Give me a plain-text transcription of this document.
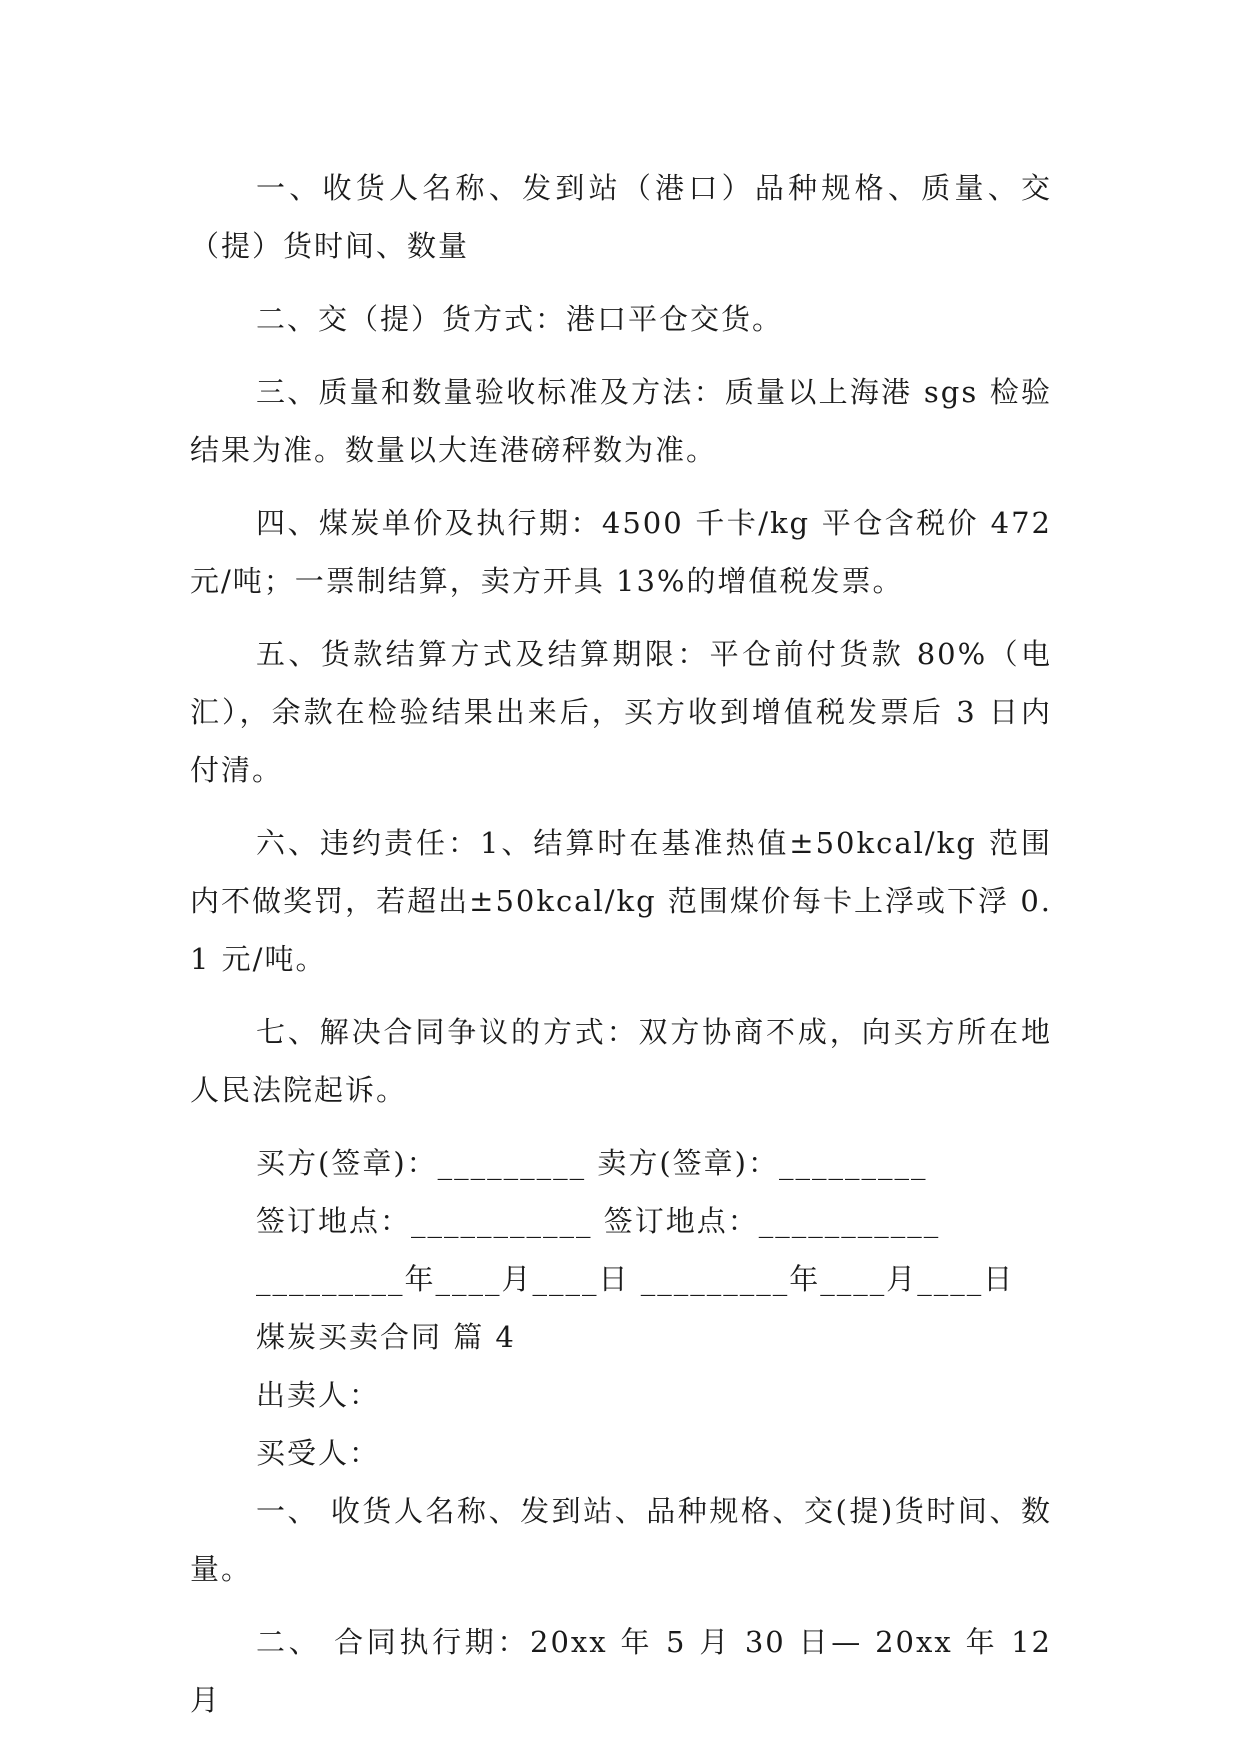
一、收货人名称、发到站（港口）品种规格、质量、交（提）货时间、数量

二、交（提）货方式：港口平仓交货。

三、质量和数量验收标准及方法：质量以上海港 sgs 检验结果为准。数量以大连港磅秤数为准。

四、煤炭单价及执行期：4500 千卡/kg 平仓含税价 472 元/吨；一票制结算，卖方开具 13%的增值税发票。

五、货款结算方式及结算期限：平仓前付货款 80%（电汇），余款在检验结果出来后，买方收到增值税发票后 3 日内付清。

六、违约责任：1、结算时在基准热值±50kcal/kg 范围内不做奖罚，若超出±50kcal/kg 范围煤价每卡上浮或下浮 0.1 元/吨。

七、解决合同争议的方式：双方协商不成，向买方所在地人民法院起诉。

买方(签章)：_________ 卖方(签章)：_________
签订地点：___________ 签订地点：___________
_________年____月____日 _________年____月____日
煤炭买卖合同 篇 4
出卖人：
买受人：

一、 收货人名称、发到站、品种规格、交(提)货时间、数量。

二、 合同执行期：20xx 年 5 月 30 日— 20xx 年 12 月
